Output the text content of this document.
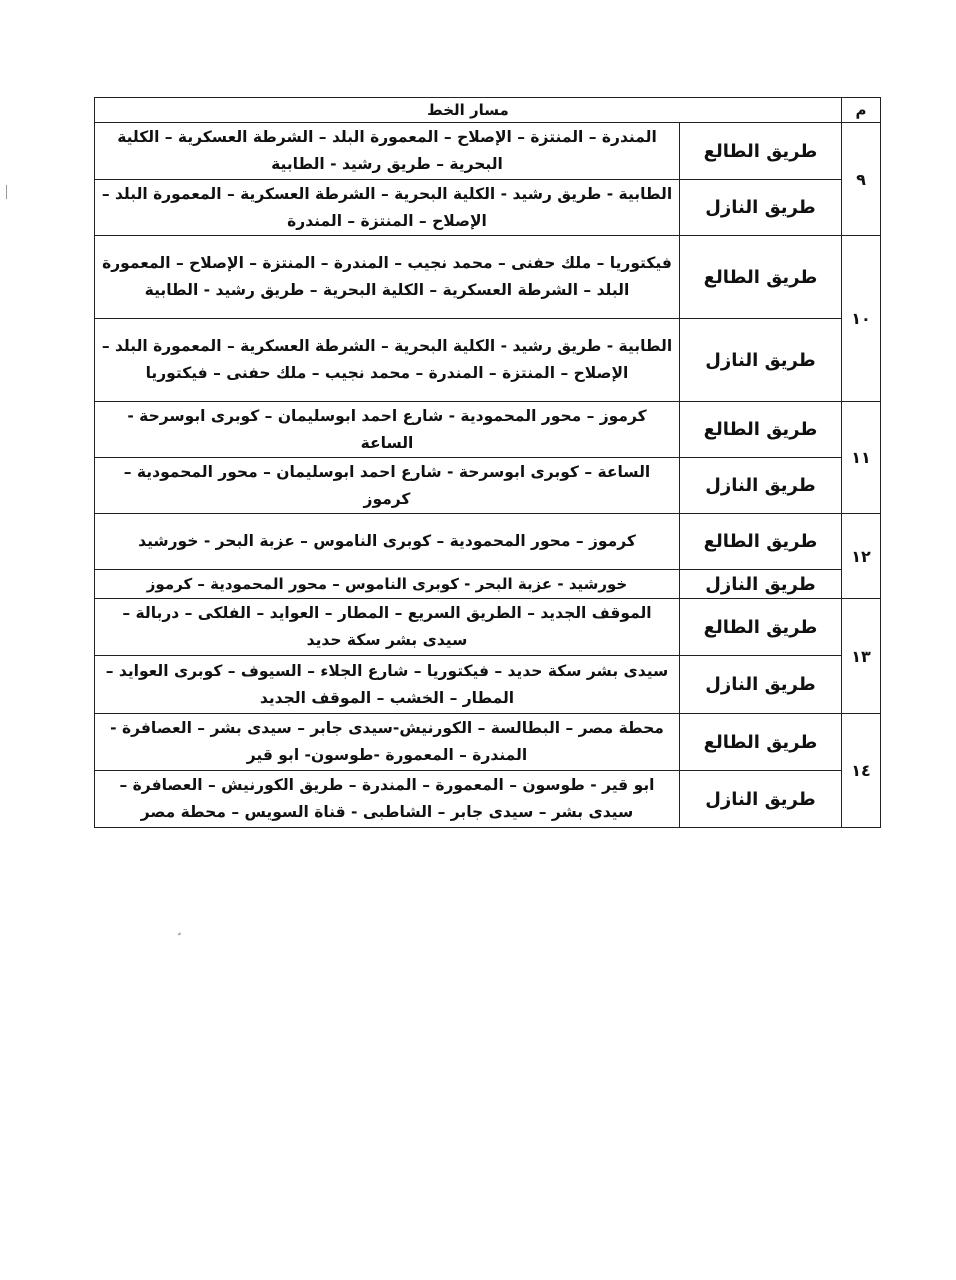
م	مسار الخط	
٩	طريق الطالع	المندرة – المنتزة – الإصلاح – المعمورة البلد – الشرطة العسكرية – الكلية البحرية – طريق رشيد - الطابية
	طريق النازل	الطابية - طريق رشيد - الكلية البحرية – الشرطة العسكرية – المعمورة البلد – الإصلاح – المنتزة – المندرة
١٠	طريق الطالع	فيكتوريا – ملك حفنى – محمد نجيب – المندرة – المنتزة – الإصلاح – المعمورة البلد – الشرطة العسكرية – الكلية البحرية – طريق رشيد - الطابية
	طريق النازل	الطابية - طريق رشيد - الكلية البحرية – الشرطة العسكرية – المعمورة البلد – الإصلاح – المنتزة – المندرة – محمد نجيب – ملك حفنى – فيكتوريا
١١	طريق الطالع	كرموز – محور المحمودية - شارع احمد ابوسليمان – كوبرى ابوسرحة - الساعة
	طريق النازل	الساعة – كوبرى ابوسرحة - شارع احمد ابوسليمان – محور المحمودية – كرموز
١٢	طريق الطالع	كرموز – محور المحمودية – كوبرى الناموس – عزبة البحر - خورشيد
	طريق النازل	خورشيد - عزبة البحر - كوبرى الناموس – محور المحمودية – كرموز
١٣	طريق الطالع	الموقف الجديد – الطريق السريع – المطار – العوايد – الفلكى – دربالة – سيدى بشر سكة حديد
	طريق النازل	سيدى بشر سكة حديد – فيكتوريا – شارع الجلاء – السيوف – كوبرى العوايد – المطار – الخشب – الموقف الجديد
١٤	طريق الطالع	محطة مصر – البطالسة – الكورنيش-سيدى جابر – سيدى بشر – العصافرة - المندرة – المعمورة -طوسون- ابو قير
	طريق النازل	ابو قير - طوسون – المعمورة – المندرة – طريق الكورنيش – العصافرة – سيدى بشر – سيدى جابر – الشاطبى - قناة السويس – محطة مصر
